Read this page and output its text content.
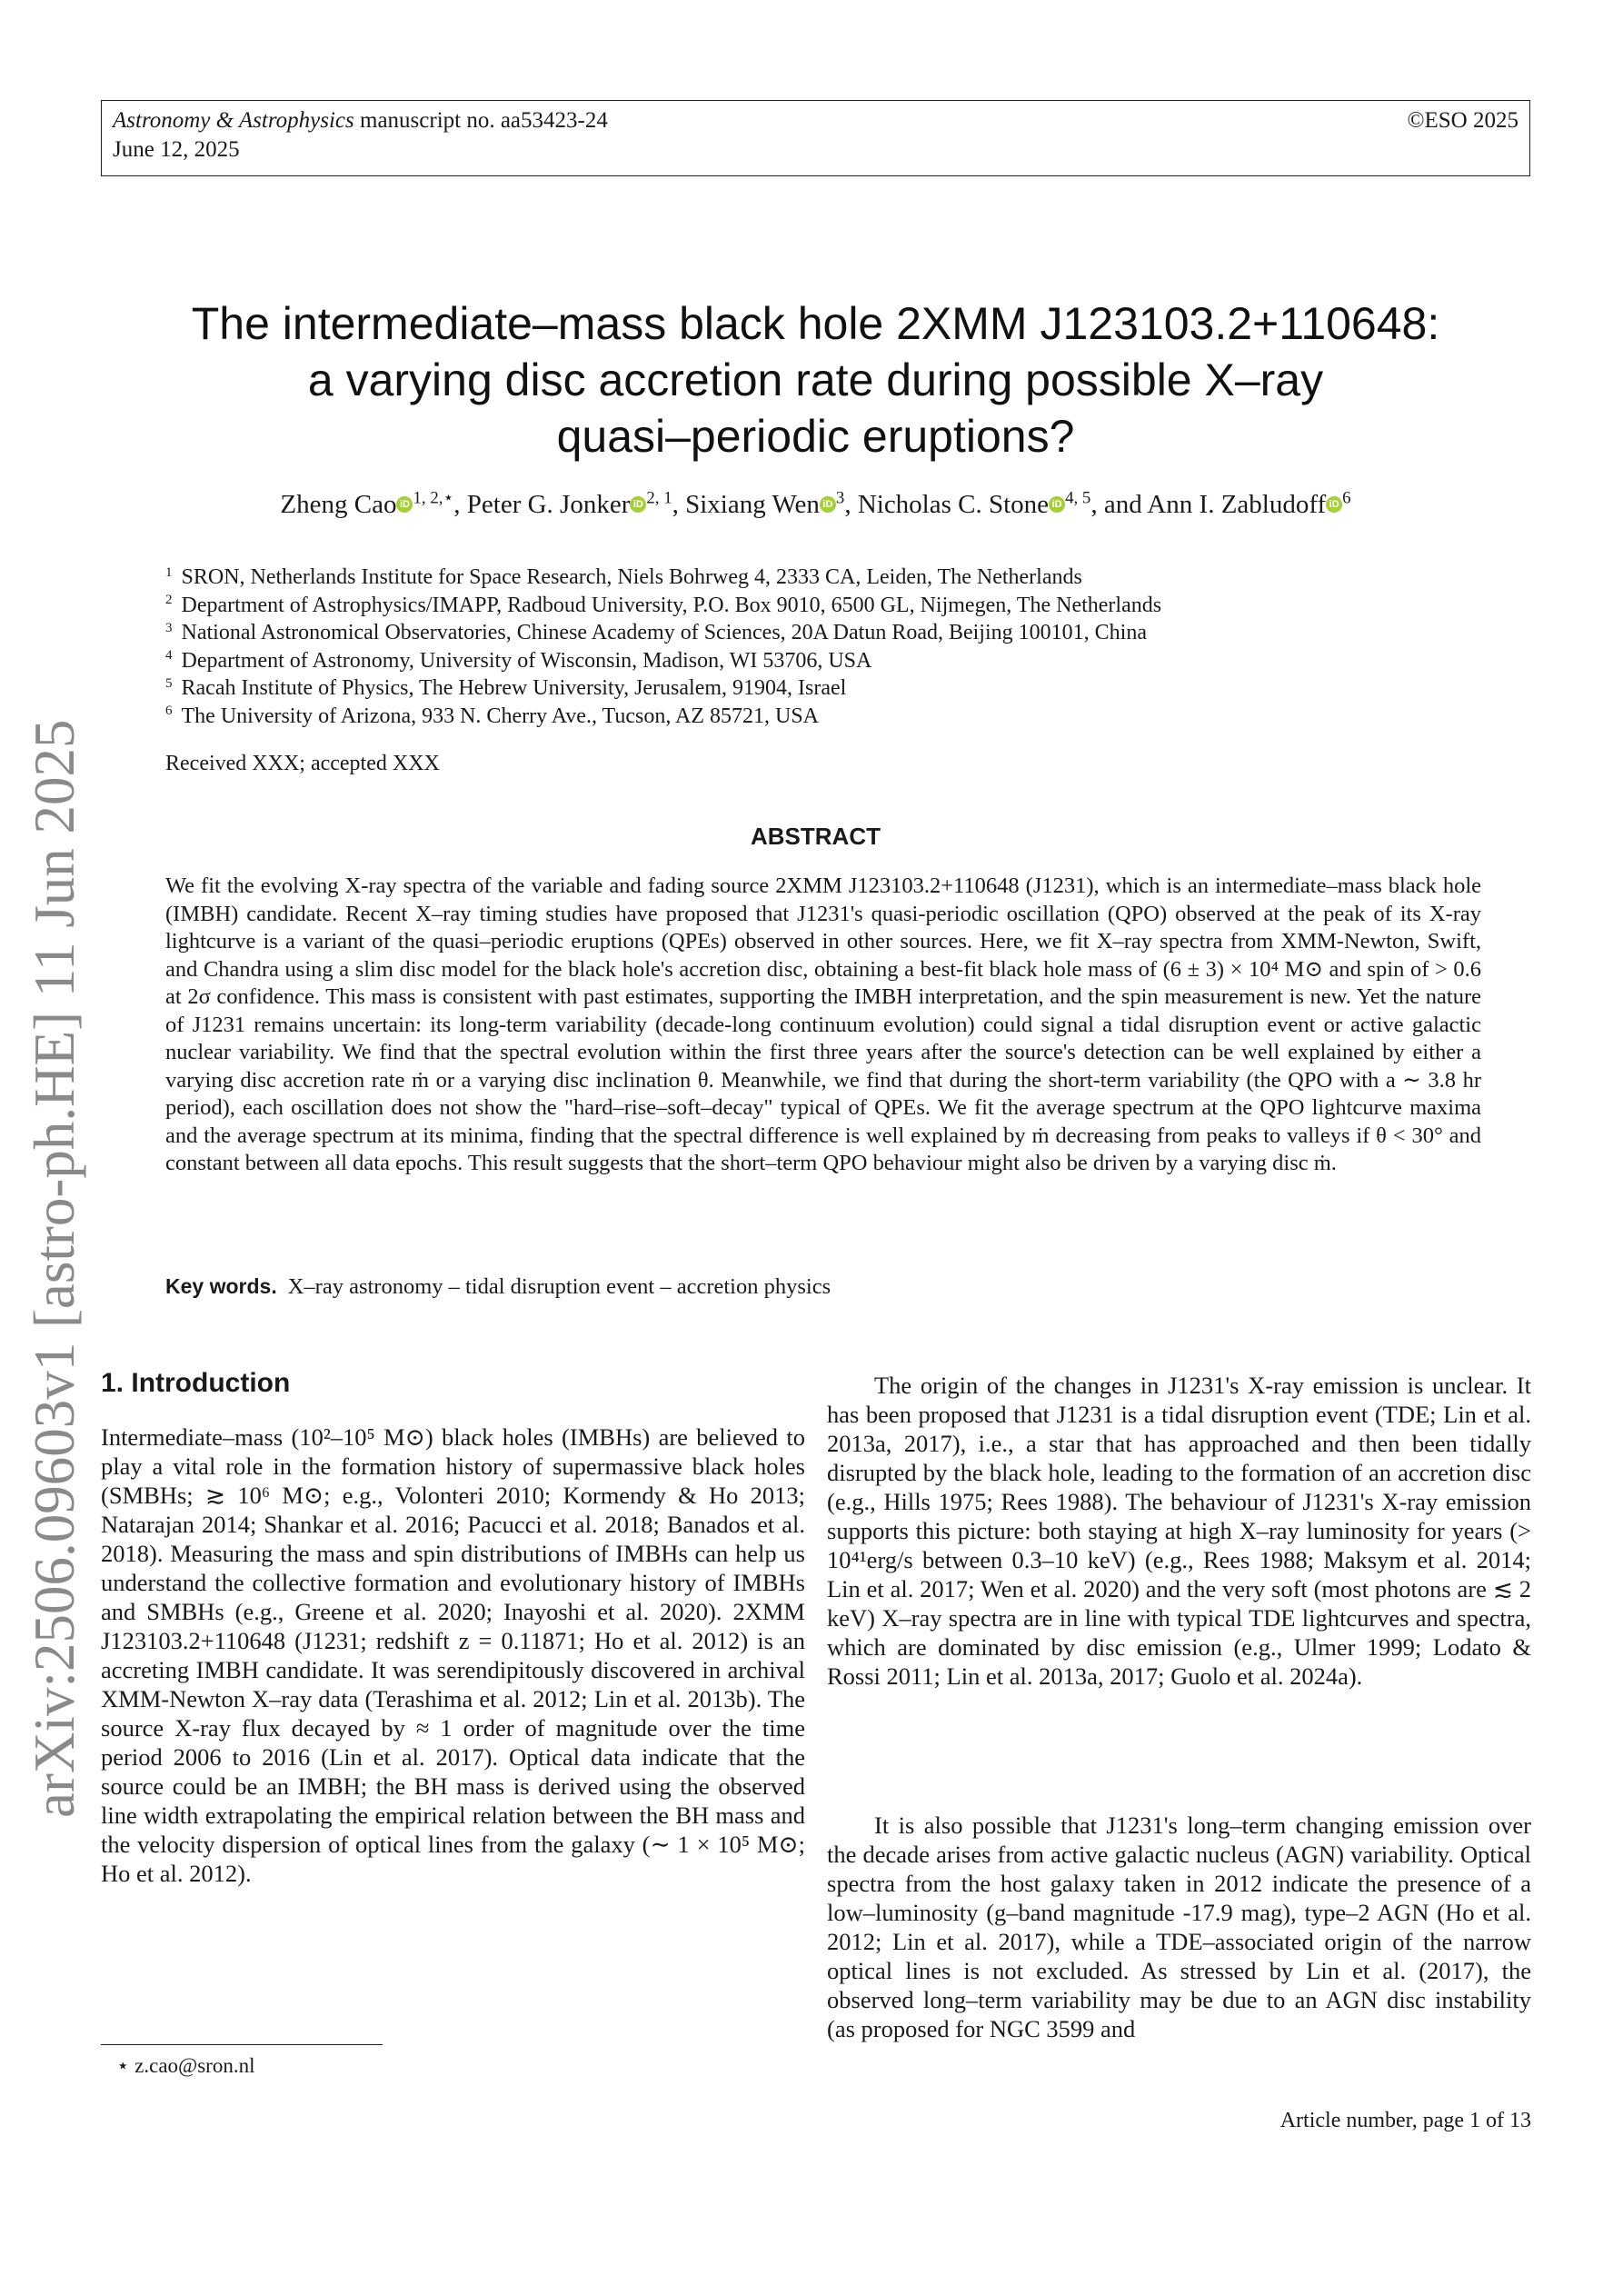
Astronomy & Astrophysics manuscript no. aa53423-24
June 12, 2025
©ESO 2025
arXiv:2506.09603v1 [astro-ph.HE] 11 Jun 2025
The intermediate–mass black hole 2XMM J123103.2+110648:
a varying disc accretion rate during possible X–ray
quasi–periodic eruptions?
Zheng Cao iD $^{1, 2,⋆}$, Peter G. Jonker iD $^{2, 1}$, Sixiang Wen iD $^3$, Nicholas C. Stone iD $^{4, 5}$, and Ann I. Zabludoff iD $^6$
$^1$ SRON, Netherlands Institute for Space Research, Niels Bohrweg 4, 2333 CA, Leiden, The Netherlands
$^2$ Department of Astrophysics/IMAPP, Radboud University, P.O. Box 9010, 6500 GL, Nijmegen, The Netherlands
$^3$ National Astronomical Observatories, Chinese Academy of Sciences, 20A Datun Road, Beijing 100101, China
$^4$ Department of Astronomy, University of Wisconsin, Madison, WI 53706, USA
$^5$ Racah Institute of Physics, The Hebrew University, Jerusalem, 91904, Israel
$^6$ The University of Arizona, 933 N. Cherry Ave., Tucson, AZ 85721, USA
Received XXX; accepted XXX
ABSTRACT
We fit the evolving X-ray spectra of the variable and fading source 2XMM J123103.2+110648 (J1231), which is an intermediate–mass black hole (IMBH) candidate. Recent X–ray timing studies have proposed that J1231's quasi-periodic oscillation (QPO) observed at the peak of its X-ray lightcurve is a variant of the quasi–periodic eruptions (QPEs) observed in other sources. Here, we fit X–ray spectra from XMM-Newton, Swift, and Chandra using a slim disc model for the black hole's accretion disc, obtaining a best-fit black hole mass of (6 ± 3) × 10⁴ M⊙ and spin of > 0.6 at 2σ confidence. This mass is consistent with past estimates, supporting the IMBH interpretation, and the spin measurement is new. Yet the nature of J1231 remains uncertain: its long-term variability (decade-long continuum evolution) could signal a tidal disruption event or active galactic nuclear variability. We find that the spectral evolution within the first three years after the source's detection can be well explained by either a varying disc accretion rate ṁ or a varying disc inclination θ. Meanwhile, we find that during the short-term variability (the QPO with a ∼ 3.8 hr period), each oscillation does not show the "hard–rise–soft–decay" typical of QPEs. We fit the average spectrum at the QPO lightcurve maxima and the average spectrum at its minima, finding that the spectral difference is well explained by ṁ decreasing from peaks to valleys if θ < 30° and constant between all data epochs. This result suggests that the short–term QPO behaviour might also be driven by a varying disc ṁ.
Key words. X–ray astronomy – tidal disruption event – accretion physics
1. Introduction
Intermediate–mass (10²–10⁵ M⊙) black holes (IMBHs) are believed to play a vital role in the formation history of supermassive black holes (SMBHs; ≳ 10⁶ M⊙; e.g., Volonteri 2010; Kormendy & Ho 2013; Natarajan 2014; Shankar et al. 2016; Pacucci et al. 2018; Banados et al. 2018). Measuring the mass and spin distributions of IMBHs can help us understand the collective formation and evolutionary history of IMBHs and SMBHs (e.g., Greene et al. 2020; Inayoshi et al. 2020). 2XMM J123103.2+110648 (J1231; redshift z = 0.11871; Ho et al. 2012) is an accreting IMBH candidate. It was serendipitously discovered in archival XMM-Newton X–ray data (Terashima et al. 2012; Lin et al. 2013b). The source X-ray flux decayed by ≈ 1 order of magnitude over the time period 2006 to 2016 (Lin et al. 2017). Optical data indicate that the source could be an IMBH; the BH mass is derived using the observed line width extrapolating the empirical relation between the BH mass and the velocity dispersion of optical lines from the galaxy (∼ 1 × 10⁵ M⊙; Ho et al. 2012).
The origin of the changes in J1231's X-ray emission is unclear. It has been proposed that J1231 is a tidal disruption event (TDE; Lin et al. 2013a, 2017), i.e., a star that has approached and then been tidally disrupted by the black hole, leading to the formation of an accretion disc (e.g., Hills 1975; Rees 1988). The behaviour of J1231's X-ray emission supports this picture: both staying at high X–ray luminosity for years (> 10⁴¹erg/s between 0.3–10 keV) (e.g., Rees 1988; Maksym et al. 2014; Lin et al. 2017; Wen et al. 2020) and the very soft (most photons are ≲ 2 keV) X–ray spectra are in line with typical TDE lightcurves and spectra, which are dominated by disc emission (e.g., Ulmer 1999; Lodato & Rossi 2011; Lin et al. 2013a, 2017; Guolo et al. 2024a).
It is also possible that J1231's long–term changing emission over the decade arises from active galactic nucleus (AGN) variability. Optical spectra from the host galaxy taken in 2012 indicate the presence of a low–luminosity (g–band magnitude -17.9 mag), type–2 AGN (Ho et al. 2012; Lin et al. 2017), while a TDE–associated origin of the narrow optical lines is not excluded. As stressed by Lin et al. (2017), the observed long–term variability may be due to an AGN disc instability (as proposed for NGC 3599 and
⋆ z.cao@sron.nl
Article number, page 1 of 13
